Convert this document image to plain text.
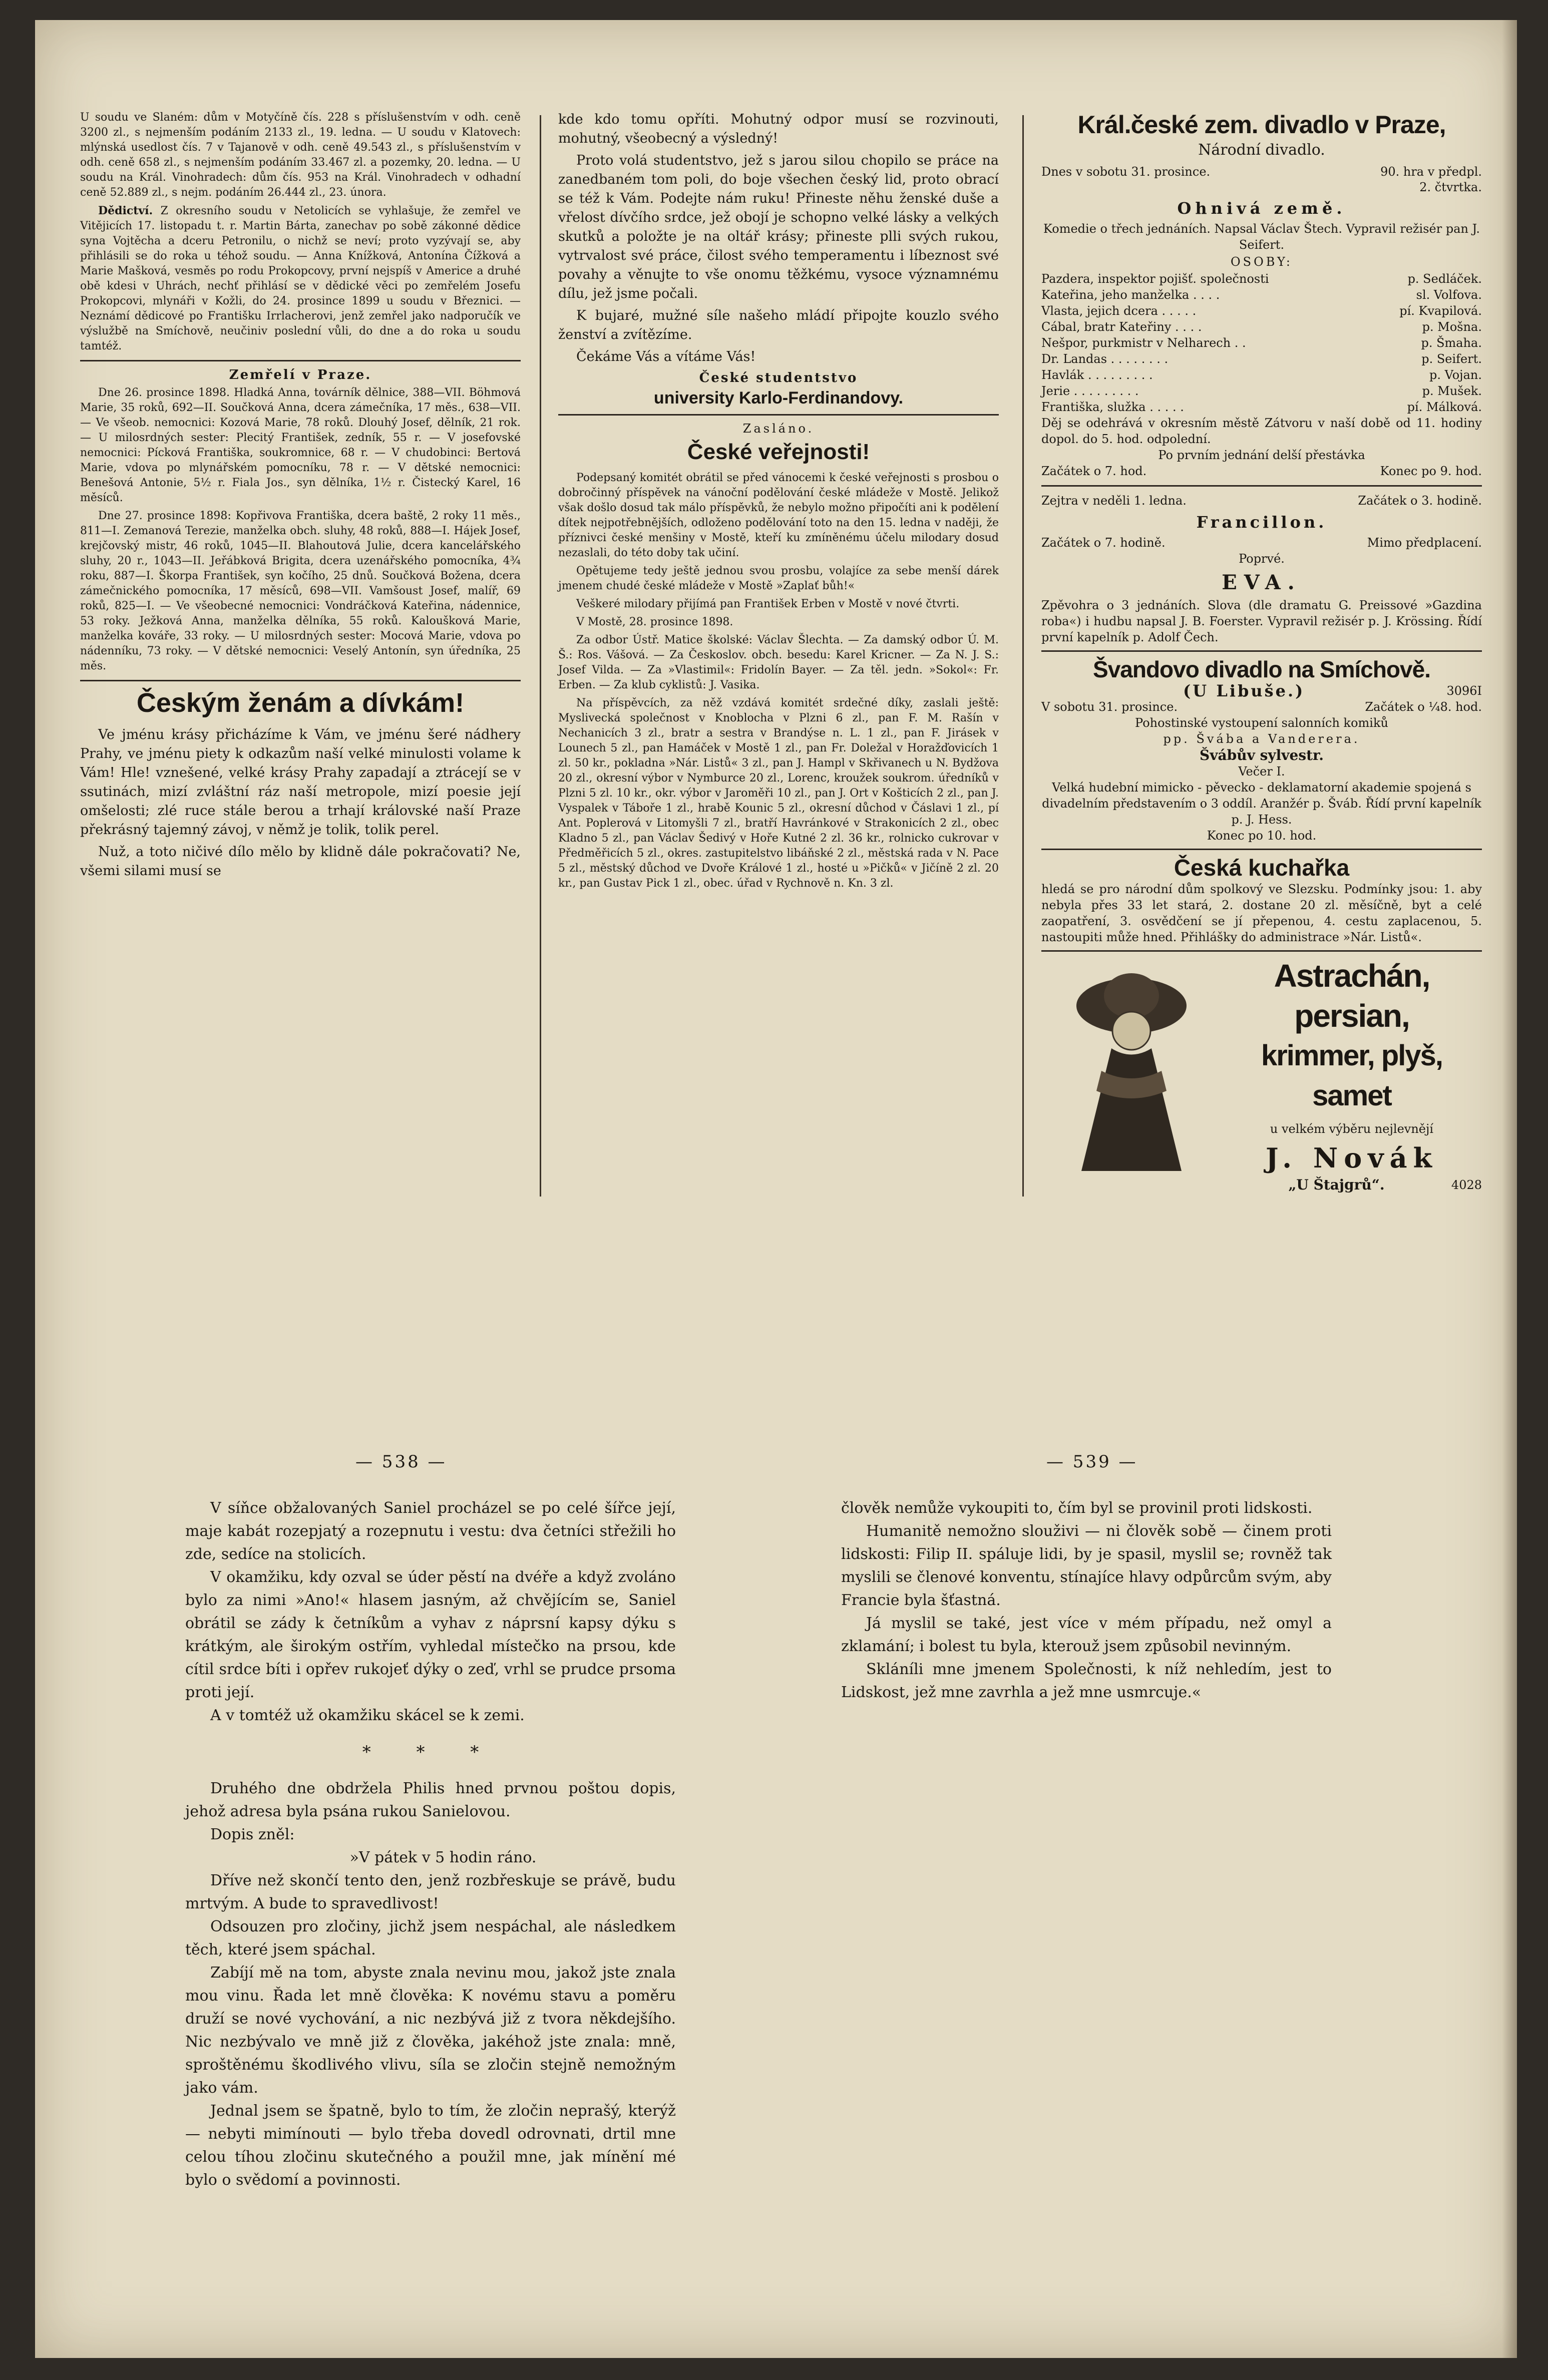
U soudu ve Slaném: dům v Motyčíně čís. 228 s příslušenstvím v odh. ceně 3200 zl., s nejmenším podáním 2133 zl., 19. ledna. — U soudu v Klatovech: mlýnská usedlost čís. 7 v Tajanově v odh. ceně 49.543 zl., s příslušenstvím v odh. ceně 658 zl., s nejmenším podáním 33.467 zl. a pozemky, 20. ledna. — U soudu na Král. Vinohradech: dům čís. 953 na Král. Vinohradech v odhadní ceně 52.889 zl., s nejm. podáním 26.444 zl., 23. února.

Dědictví. Z okresního soudu v Netolicích se vyhlašuje, že zemřel ve Vitějicích 17. listopadu t. r. Martin Bárta, zanechav po sobě zákonné dědice syna Vojtěcha a dceru Petronilu, o nichž se neví; proto vyzývají se, aby přihlásili se do roka u téhož soudu. — Anna Knížková, Antonína Čížková a Marie Mašková, vesměs po rodu Prokopcovy, první nejspíš v Americe a druhé obě kdesi v Uhrách, nechť přihlásí se v dědické věci po zemřelém Josefu Prokopcovi, mlynáři v Kožli, do 24. prosince 1899 u soudu v Březnici. — Neznámí dědicové po Františku Irrlacherovi, jenž zemřel jako nadporučík ve výslužbě na Smíchově, neučiniv poslední vůli, do dne a do roka u soudu tamtéž.

Zemřelí v Praze.

Dne 26. prosince 1898. Hladká Anna, továrník dělnice, 388—VII. Böhmová Marie, 35 roků, 692—II. Součková Anna, dcera zámečníka, 17 měs., 638—VII. — Ve všeob. nemocnici: Kozová Marie, 78 roků. Dlouhý Josef, dělník, 21 rok. — U milosrdných sester: Plecitý František, zedník, 55 r. — V josefovské nemocnici: Pícková Františka, soukromnice, 68 r. — V chudobinci: Bertová Marie, vdova po mlynářském pomocníku, 78 r. — V dětské nemocnici: Benešová Antonie, 5½ r. Fiala Jos., syn dělníka, 1½ r. Čistecký Karel, 16 měsíců.

Dne 27. prosince 1898: Kopřivova Františka, dcera baště, 2 roky 11 měs., 811—I. Zemanová Terezie, manželka obch. sluhy, 48 roků, 888—I. Hájek Josef, krejčovský mistr, 46 roků, 1045—II. Blahoutová Julie, dcera kancelářského sluhy, 20 r., 1043—II. Jeřábková Brigita, dcera uzenářského pomocníka, 4¾ roku, 887—I. Škorpa František, syn kočího, 25 dnů. Součková Božena, dcera zámečnického pomocníka, 17 měsíců, 698—VII. Vamšoust Josef, malíř, 69 roků, 825—I. — Ve všeobecné nemocnici: Vondráčková Kateřina, nádennice, 53 roky. Ježková Anna, manželka dělníka, 55 roků. Kaloušková Marie, manželka kováře, 33 roky. — U milosrdných sester: Mocová Marie, vdova po nádenníku, 73 roky. — V dětské nemocnici: Veselý Antonín, syn úředníka, 25 měs.

Českým ženám a dívkám!

Ve jménu krásy přicházíme k Vám, ve jménu šeré nádhery Prahy, ve jménu piety k odkazům naší velké minulosti volame k Vám! Hle! vznešené, velké krásy Prahy zapadají a ztrácejí se v ssutinách, mizí zvláštní ráz naší metropole, mizí poesie její omšelosti; zlé ruce stále berou a trhají královské naší Praze překrásný tajemný závoj, v němž je tolik, tolik perel.

Nuž, a toto ničivé dílo mělo by klidně dále pokračovati? Ne, všemi silami musí se

kde kdo tomu opříti. Mohutný odpor musí se rozvinouti, mohutný, všeobecný a výsledný!

Proto volá studentstvo, jež s jarou silou chopilo se práce na zanedbaném tom poli, do boje všechen český lid, proto obrací se též k Vám. Podejte nám ruku! Přineste něhu ženské duše a vřelost dívčího srdce, jež obojí je schopno velké lásky a velkých skutků a položte je na oltář krásy; přineste plli svých rukou, vytrvalost své práce, čilost svého temperamentu i líbeznost své povahy a věnujte to vše onomu těžkému, vysoce významnému dílu, jež jsme počali.

K bujaré, mužné síle našeho mládí připojte kouzlo svého ženství a zvítězíme.

Čekáme Vás a vítáme Vás!

České studentstvo
university Karlo-Ferdinandovy.
Zasláno.
České veřejnosti!

Podepsaný komitét obrátil se před vánocemi k české veřejnosti s prosbou o dobročinný příspěvek na vánoční podělování české mládeže v Mostě. Jelikož však došlo dosud tak málo příspěvků, že nebylo možno připočíti ani k podělení dítek nejpotřebnějších, odloženo podělování toto na den 15. ledna v naději, že příznivci české menšiny v Mostě, kteří ku zmíněnému účelu milodary dosud nezaslali, do této doby tak učiní.

Opětujeme tedy ještě jednou svou prosbu, volajíce za sebe menší dárek jmenem chudé české mládeže v Mostě »Zaplať bůh!«

Veškeré milodary přijímá pan František Erben v Mostě v nové čtvrti.

V Mostě, 28. prosince 1898.

Za odbor Ústř. Matice školské: Václav Šlechta. — Za damský odbor Ú. M. Š.: Ros. Vášová. — Za Českoslov. obch. besedu: Karel Kricner. — Za N. J. S.: Josef Vilda. — Za »Vlastimil«: Fridolín Bayer. — Za těl. jedn. »Sokol«: Fr. Erben. — Za klub cyklistů: J. Vasika.

Na příspěvcích, za něž vzdává komitét srdečné díky, zaslali ještě: Myslivecká společnost v Knoblocha v Plzni 6 zl., pan F. M. Rašín v Nechanicích 3 zl., bratr a sestra v Brandýse n. L. 1 zl., pan F. Jirásek v Lounech 5 zl., pan Hamáček v Mostě 1 zl., pan Fr. Doležal v Horažďovicích 1 zl. 50 kr., pokladna »Nár. Listů« 3 zl., pan J. Hampl v Skřivanech u N. Bydžova 20 zl., okresní výbor v Nymburce 20 zl., Lorenc, kroužek soukrom. úředníků v Plzni 5 zl. 10 kr., okr. výbor v Jaroměři 10 zl., pan J. Ort v Košticích 2 zl., pan J. Vyspalek v Táboře 1 zl., hrabě Kounic 5 zl., okresní důchod v Čáslavi 1 zl., pí Ant. Poplerová v Litomyšli 7 zl., bratří Havránkové v Strakonicích 2 zl., obec Kladno 5 zl., pan Václav Šedivý v Hoře Kutné 2 zl. 36 kr., rolnicko cukrovar v Předměřicích 5 zl., okres. zastupitelstvo libáňské 2 zl., městská rada v N. Pace 5 zl., městský důchod ve Dvoře Králové 1 zl., hosté u »Pičků« v Jičíně 2 zl. 20 kr., pan Gustav Pick 1 zl., obec. úřad v Rychnově n. Kn. 3 zl.

Král.české zem. divadlo v Praze,
Národní divadlo.
Dnes v sobotu 31. prosince.	90. hra v předpl.
2. čtvrtka.
Ohnivá země.
Komedie o třech jednáních. Napsal Václav Štech. Vypravil režisér pan J. Seifert.
OSOBY:
Pazdera, inspektor pojišť. společnosti	p. Sedláček.
Kateřina, jeho manželka . . . .	sl. Volfova.
Vlasta, jejich dcera . . . . .	pí. Kvapilová.
Cábal, bratr Kateřiny . . . .	p. Mošna.
Nešpor, purkmistr v Nelharech . .	p. Šmaha.
Dr. Landas . . . . . . . .	p. Seifert.
Havlák . . . . . . . . .	p. Vojan.
Jerie . . . . . . . . .	p. Mušek.
Františka, služka . . . . .	pí. Málková.
Děj se odehrává v okresním městě Zátvoru v naší době od 11. hodiny dopol. do 5. hod. odpolední.
Po prvním jednání delší přestávka
Začátek o 7. hod.	Konec po 9. hod.
Zejtra v neděli 1. ledna.	Začátek o 3. hodině.
Francillon.
Začátek o 7. hodině.	Mimo předplacení.
Poprvé.
EVA.
Zpěvohra o 3 jednáních. Slova (dle dramatu G. Preissové »Gazdina roba«) i hudbu napsal J. B. Foerster. Vypravil režisér p. J. Krössing. Řídí první kapelník p. Adolf Čech.
Švandovo divadlo na Smíchově.
(U Libuše.)	3096I
V sobotu 31. prosince.	Začátek o ¼8. hod.
Pohostinské vystoupení salonních komiků
pp. Švába a Vanderera.
Švábův sylvestr.
Večer I.
Velká hudební mimicko - pěvecko - deklamatorní akademie spojená s divadelním představením o 3 oddíl. Aranžér p. Šváb. Řídí první kapelník p. J. Hess.
Konec po 10. hod.
Česká kuchařka
hledá se pro národní dům spolkový ve Slezsku. Podmínky jsou: 1. aby nebyla přes 33 let stará, 2. dostane 20 zl. měsíčně, byt a celé zaopatření, 3. osvědčení se jí přepenou, 4. cestu zaplacenou, 5. nastoupiti může hned. Přihlášky do administrace »Nár. Listů«.
Astrachán, persian,
krimmer, plyš, samet
u velkém výběru nejlevnějí
J. Novák
„U Štajgrů“.	4028
— 538 —	— 539 —

V síňce obžalovaných Saniel procházel se po celé šířce její, maje kabát rozepjatý a rozepnutu i vestu: dva četníci střežili ho zde, sedíce na stolicích.

V okamžiku, kdy ozval se úder pěstí na dvéře a když zvoláno bylo za nimi »Ano!« hlasem jasným, až chvějícím se, Saniel obrátil se zády k četníkům a vyhav z náprsní kapsy dýku s krátkým, ale širokým ostřím, vyhledal místečko na prsou, kde cítil srdce bíti i opřev rukojeť dýky o zeď, vrhl se prudce prsoma proti její.

A v tomtéž už okamžiku skácel se k zemi.

* * *

Druhého dne obdržela Philis hned prvnou poštou dopis, jehož adresa byla psána rukou Sanielovou.

Dopis zněl:

»V pátek v 5 hodin ráno.

Dříve než skončí tento den, jenž rozbřeskuje se právě, budu mrtvým. A bude to spravedlivost!

Odsouzen pro zločiny, jichž jsem nespáchal, ale následkem těch, které jsem spáchal.

Zabíjí mě na tom, abyste znala nevinu mou, jakož jste znala mou vinu. Řada let mně člověka: K novému stavu a poměru druží se nové vychování, a nic nezbývá již z tvora někdejšího. Nic nezbývalo ve mně již z člověka, jakéhož jste znala: mně, sproštěnému škodlivého vlivu, síla se zločin stejně nemožným jako vám.

Jednal jsem se špatně, bylo to tím, že zločin neprašý, kterýž — nebyti mimínouti — bylo třeba dovedl odrovnati, drtil mne celou tíhou zločinu skutečného a použil mne, jak mínění mé bylo o svědomí a povinnosti.

člověk nemůže vykoupiti to, čím byl se provinil proti lidskosti.

Humanitě nemožno slouživi — ni člověk sobě — činem proti lidskosti: Filip II. spáluje lidi, by je spasil, myslil se; rovněž tak myslili se členové konventu, stínajíce hlavy odpůrcům svým, aby Francie byla šťastná.

Já myslil se také, jest více v mém případu, než omyl a zklamání; i bolest tu byla, kterouž jsem způsobil nevinným.

Skláníli mne jmenem Společnosti, k níž nehledím, jest to Lidskost, jež mne zavrhla a jež mne usmrcuje.«
